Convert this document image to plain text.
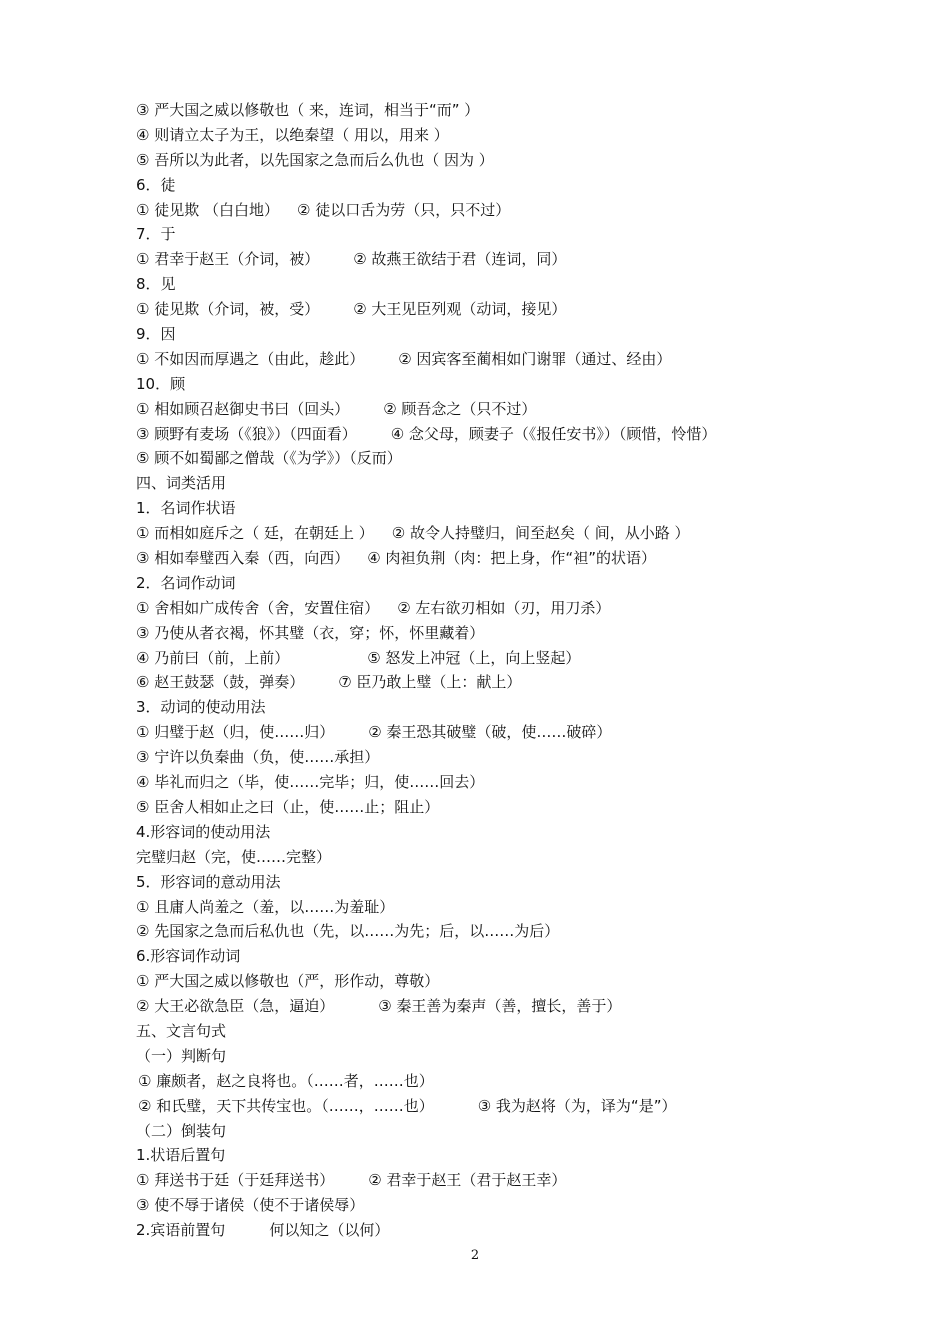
③ 严大国之威以修敬也（ 来，连词，相当于“而” ）
④ 则请立太子为王，以绝秦望（ 用以，用来 ）
⑤ 吾所以为此者，以先国家之急而后么仇也（ 因为 ）
6．徒
① 徒见欺 （白白地） ② 徒以口舌为劳（只，只不过）
7．于
① 君幸于赵王（介词，被） ② 故燕王欲结于君（连词，同）
8．见
① 徒见欺（介词，被，受） ② 大王见臣列观（动词，接见）
9．因
① 不如因而厚遇之（由此，趁此） ② 因宾客至蔺相如门谢罪（通过、经由）
10．顾
① 相如顾召赵御史书曰（回头） ② 顾吾念之（只不过）
③ 顾野有麦场（《狼》）（四面看） ④ 念父母，顾妻子（《报任安书》）（顾惜，怜惜）
⑤ 顾不如蜀鄙之僧哉（《为学》）（反而）
四、词类活用
1．名词作状语
① 而相如庭斥之（ 廷，在朝廷上 ） ② 故令人持璧归，间至赵矣（ 间，从小路 ）
③ 相如奉璧西入秦（西，向西） ④ 肉袒负荆（肉：把上身，作“袒”的状语）
2．名词作动词
① 舍相如广成传舍（舍，安置住宿） ② 左右欲刃相如（刃，用刀杀）
③ 乃使从者衣褐，怀其璧（衣，穿；怀，怀里藏着）
④ 乃前曰（前，上前）	⑤ 怒发上冲冠（上，向上竖起）
⑥ 赵王鼓瑟（鼓，弹奏） ⑦ 臣乃敢上璧（上：献上）
3．动词的使动用法
① 归璧于赵（归，使……归） ② 秦王恐其破璧（破，使……破碎）
③ 宁许以负秦曲（负，使……承担）
④ 毕礼而归之（毕，使……完毕；归，使……回去）
⑤ 臣舍人相如止之曰（止，使……止；阻止）
4.形容词的使动用法
完璧归赵（完，使……完整）
5．形容词的意动用法
① 且庸人尚羞之（羞，以……为羞耻）
② 先国家之急而后私仇也（先，以……为先；后，以……为后）
6.形容词作动词
① 严大国之威以修敬也（严，形作动，尊敬）
② 大王必欲急臣（急，逼迫）	③ 秦王善为秦声（善，擅长，善于）
五、文言句式
（一）判断句
① 廉颇者，赵之良将也。（……者，……也）
② 和氏璧，天下共传宝也。（……，……也）	③ 我为赵将（为，译为“是”）
（二）倒装句
1.状语后置句
① 拜送书于廷（于廷拜送书） ② 君幸于赵王（君于赵王幸）
③ 使不辱于诸侯（使不于诸侯辱）
2.宾语前置句	何以知之（以何）
2
